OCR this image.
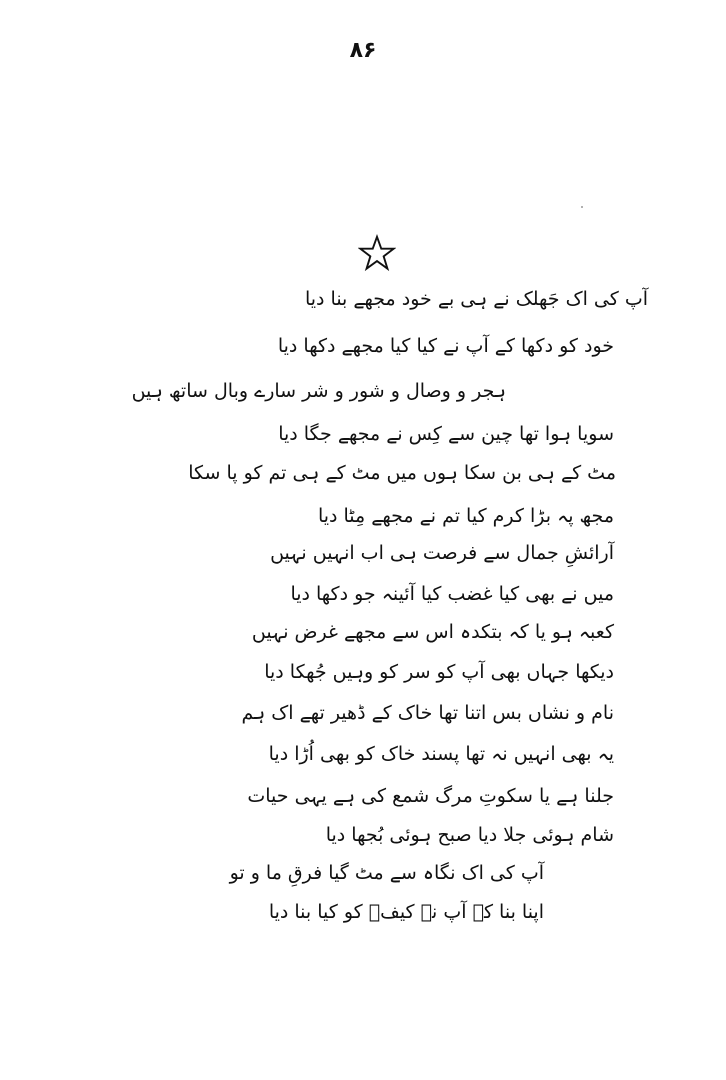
۸۶
آپ کی اک جَھلک نے ہی بے خود مجھے بنا دیا
خود کو دکھا کے آپ نے کیا کیا مجھے دکھا دیا
ہجر و وصال و شور و شر سارے وبال ساتھ ہیں
سویا ہوا تھا چین سے کِس نے مجھے جگا دیا
مٹ کے ہی بن سکا ہوں میں مٹ کے ہی تم کو پا سکا
مجھ پہ بڑا کرم کیا تم نے مجھے مِٹا دیا
آرائشِ جمال سے فرصت ہی اب انہیں نہیں
میں نے بھی کیا غضب کیا آئینہ جو دکھا دیا
کعبہ ہو یا کہ بتکدہ اس سے مجھے غرض نہیں
دیکھا جہاں بھی آپ کو سر کو وہیں جُھکا دیا
نام و نشاں بس اتنا تھا خاک کے ڈھیر تھے اک ہم
یہ بھی انہیں نہ تھا پسند خاک کو بھی اُڑا دیا
جلنا ہے یا سکوتِ مرگ شمع کی ہے یہی حیات
شام ہوئی جلا دیا صبح ہوئی بُجھا دیا
آپ کی اک نگاہ سے مٹ گیا فرقِ ما و تو
اپنا بنا کے آپ نے کیفؔ کو کیا بنا دیا
